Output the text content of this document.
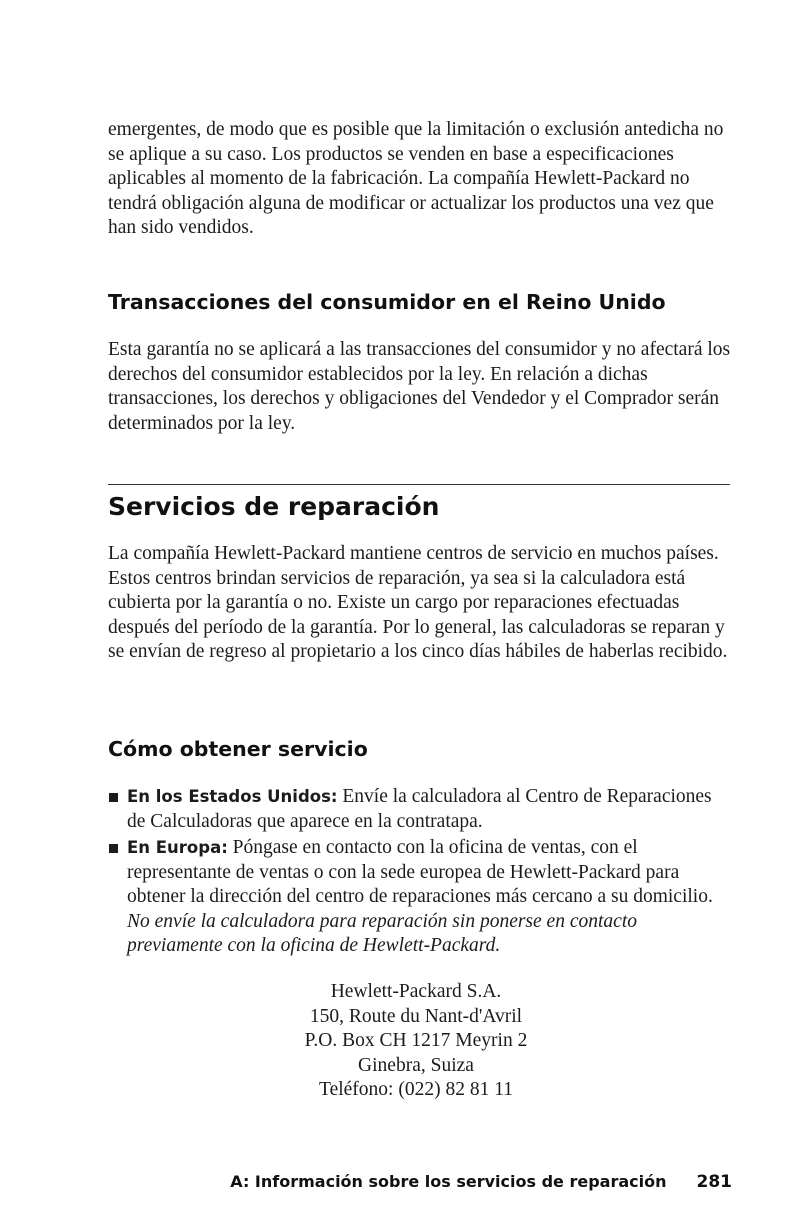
emergentes, de modo que es posible que la limitación o exclusión antedicha no se aplique a su caso. Los productos se venden en base a especificaciones aplicables al momento de la fabricación. La compañía Hewlett-Packard no tendrá obligación alguna de modificar or actualizar los productos una vez que han sido vendidos.

Transacciones del consumidor en el Reino Unido

Esta garantía no se aplicará a las transacciones del consumidor y no afectará los derechos del consumidor establecidos por la ley. En relación a dichas transacciones, los derechos y obligaciones del Vendedor y el Comprador serán determinados por la ley.

Servicios de reparación

La compañía Hewlett-Packard mantiene centros de servicio en muchos países. Estos centros brindan servicios de reparación, ya sea si la calculadora está cubierta por la garantía o no. Existe un cargo por reparaciones efectuadas después del período de la garantía. Por lo general, las calculadoras se reparan y se envían de regreso al propietario a los cinco días hábiles de haberlas recibido.

Cómo obtener servicio
En los Estados Unidos: Envíe la calculadora al Centro de Reparaciones de Calculadoras que aparece en la contratapa.
En Europa: Póngase en contacto con la oficina de ventas, con el representante de ventas o con la sede europea de Hewlett-Packard para obtener la dirección del centro de reparaciones más cercano a su domicilio. No envíe la calculadora para reparación sin ponerse en contacto previamente con la oficina de Hewlett-Packard.
Hewlett-Packard S.A.
150, Route du Nant-d'Avril
P.O. Box CH 1217 Meyrin 2
Ginebra, Suiza
Teléfono: (022) 82 81 11
A: Información sobre los servicios de reparación 281
